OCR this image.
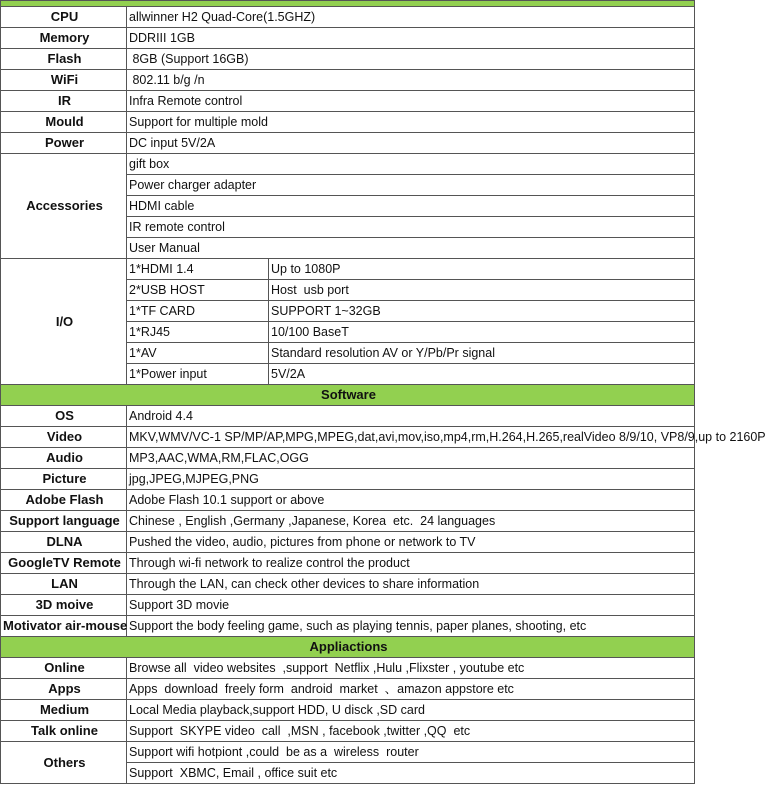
CPU	allwinner H2 Quad-Core(1.5GHZ)	
Memory	DDRIII 1GB	
Flash	8GB (Support 16GB)	
WiFi	802.11 b/g /n	
IR	Infra Remote control	
Mould	Support for multiple mold	
Power	DC input 5V/2A	
Accessories	gift box	
	Power charger adapter	
	HDMI cable	
	IR remote control	
	User Manual	
I/O	1*HDMI 1.4	Up to 1080P
	2*USB HOST	Host  usb port
	1*TF CARD	SUPPORT 1~32GB
	1*RJ45	10/100 BaseT
	1*AV	Standard resolution AV or Y/Pb/Pr signal
	1*Power input	5V/2A
Software		
OS	Android 4.4	
Video	MKV,WMV/VC-1 SP/MP/AP,MPG,MPEG,dat,avi,mov,iso,mp4,rm,H.264,H.265,realVideo 8/9/10, VP8/9,up to 2160P	
Audio	MP3,AAC,WMA,RM,FLAC,OGG	
Picture	jpg,JPEG,MJPEG,PNG	
Adobe Flash	Adobe Flash 10.1 support or above	
Support language	Chinese , English ,Germany ,Japanese, Korea  etc.  24 languages	
DLNA	Pushed the video, audio, pictures from phone or network to TV	
GoogleTV Remote	Through wi-fi network to realize control the product	
LAN	Through the LAN, can check other devices to share information	
3D moive	Support 3D movie	
Motivator air-mouse	Support the body feeling game, such as playing tennis, paper planes, shooting, etc	
Appliactions		
Online	Browse all  video websites  ,support  Netflix ,Hulu ,Flixster , youtube etc	
Apps	Apps  download  freely form  android  market  、amazon appstore etc	
Medium	Local Media playback,support HDD, U disck ,SD card	
Talk online	Support  SKYPE video  call  ,MSN , facebook ,twitter ,QQ  etc	
Others	Support wifi hotpiont ,could  be as a  wireless  router	
	Support  XBMC, Email , office suit etc	
